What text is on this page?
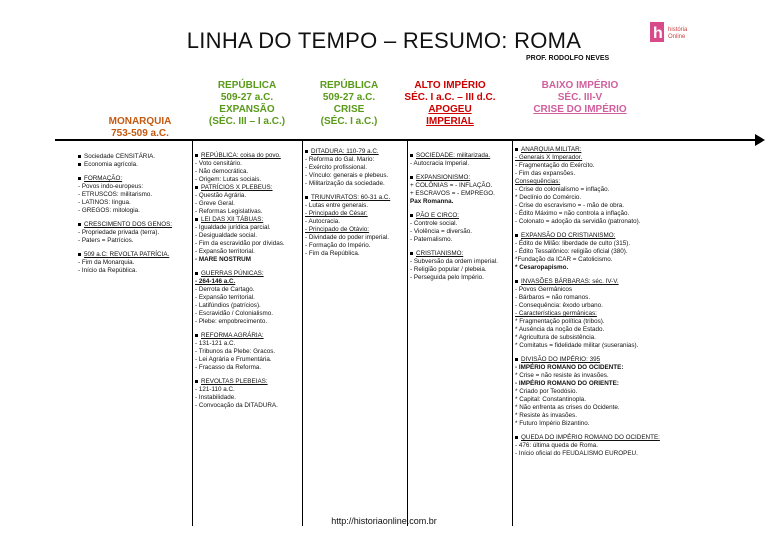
LINHA DO TEMPO – RESUMO: ROMA
PROF. RODOLFO NEVES
h história
Online
MONARQUIA
753-509 a.C.
REPÚBLICA
509-27 a.C.
EXPANSÃO
(SÉC. III – I a.C.)
REPÚBLICA
509-27 a.C.
CRISE
(SÉC. I a.C.)
ALTO IMPÉRIO
SÉC. I a.C. – III d.C.
APOGEU
IMPERIAL
BAIXO IMPÉRIO
SÉC. III-V
CRISE DO IMPÉRIO

Sociedade CENSITÁRIA.

Economia agrícola.

FORMAÇÃO:

- Povos indo-europeus:

- ETRUSCOS: militarismo.

- LATINOS: língua.

- GREGOS: mitologia.

CRESCIMENTO DOS GENOS:

- Propriedade privada (terra).

- Paters = Patrícios.

509 a.C: REVOLTA PATRÍCIA.

- Fim da Monarquia.

- Início da República.

REPÚBLICA: coisa do povo.

- Voto censitário.

- Não democrática.

- Origem: Lutas sociais.

PATRÍCIOS X PLEBEUS:

- Questão Agrária.

- Greve Geral.

- Reformas Legislativas.

LEI DAS XII TÁBUAS:

- Igualdade jurídica parcial.

- Desigualdade social.

- Fim da escravidão por dívidas.

- Expansão territorial.

- MARE NOSTRUM

GUERRAS PÚNICAS:

- 264-146 a.C.

- Derrota de Cartago.

- Expansão territorial.

- Latifúndios (patrícios).

- Escravidão / Colonialismo.

- Plebe: empobrecimento.

REFORMA AGRÁRIA:

- 131-121 a.C.

- Tribunos da Plebe: Gracos.

- Lei Agrária e Frumentária.

- Fracasso da Reforma.

REVOLTAS PLEBEIAS:

- 121-110 a.C.

- Instabilidade.

- Convocação da DITADURA.

DITADURA: 110-79 a.C.

- Reforma do Gal. Mario:

- Exército profissional.

- Vínculo: generais e plebeus.

- Militarização da sociedade.

TRIUNVIRATOS: 60-31 a.C.

- Lutas entre generais.

- Principado de César:

- Autocracia.

- Principado de Otávio:

- Divindade do poder imperial.

- Formação do Império.

- Fim da República.

SOCIEDADE: militarizada.

- Autocracia Imperial.

EXPANSIONISMO:

+ COLÔNIAS = - INFLAÇÃO.

+ ESCRAVOS = - EMPREGO.

Pax Romanna.

PÃO E CIRCO:

- Controle social.

- Violência = diversão.

- Paternalismo.

CRISTIANISMO:

- Subversão da ordem imperial.

- Religião popular / plebeia.

- Perseguida pelo Império.

ANARQUIA MILITAR:

- Generais X Imperador.

- Fragmentação do Exército.

- Fim das expansões.

Consequências:

- Crise do colonialismo = inflação.

* Declínio do Comércio.

- Crise do escravismo = - mão de obra.

- Édito Máximo = não controla a inflação.

- Colonato = adoção da servidão (patronato).

EXPANSÃO DO CRISTIANISMO:

- Édito de Milão: liberdade de culto (315).

- Édito Tessalônico: religião oficial (380).

*Fundação da ICAR = Catolicismo.

* Cesaropapismo.

INVASÕES BÁRBARAS: séc. IV-V.

- Povos Germânicos

- Bárbaros = não romanos.

- Consequência: êxodo urbano.

- Características germânicas:

* Fragmentação política (tribos).

* Ausência da noção de Estado.

* Agricultura de subsistência.

* Comitatus = fidelidade militar (suseranias).

DIVISÃO DO IMPÉRIO: 395

- IMPÉRIO ROMANO DO OCIDENTE:

* Crise = não resiste às invasões.

- IMPÉRIO ROMANO DO ORIENTE:

* Criado por Teodósio.

* Capital: Constantinopla.

* Não enfrenta as crises do Ocidente.

* Resiste às invasões.

* Futuro Império Bizantino.

QUEDA DO IMPÉRIO ROMANO DO OCIDENTE:

- 476: última queda de Roma.

- Início oficial do FEUDALISMO EUROPEU.

http://historiaonline.com.br
